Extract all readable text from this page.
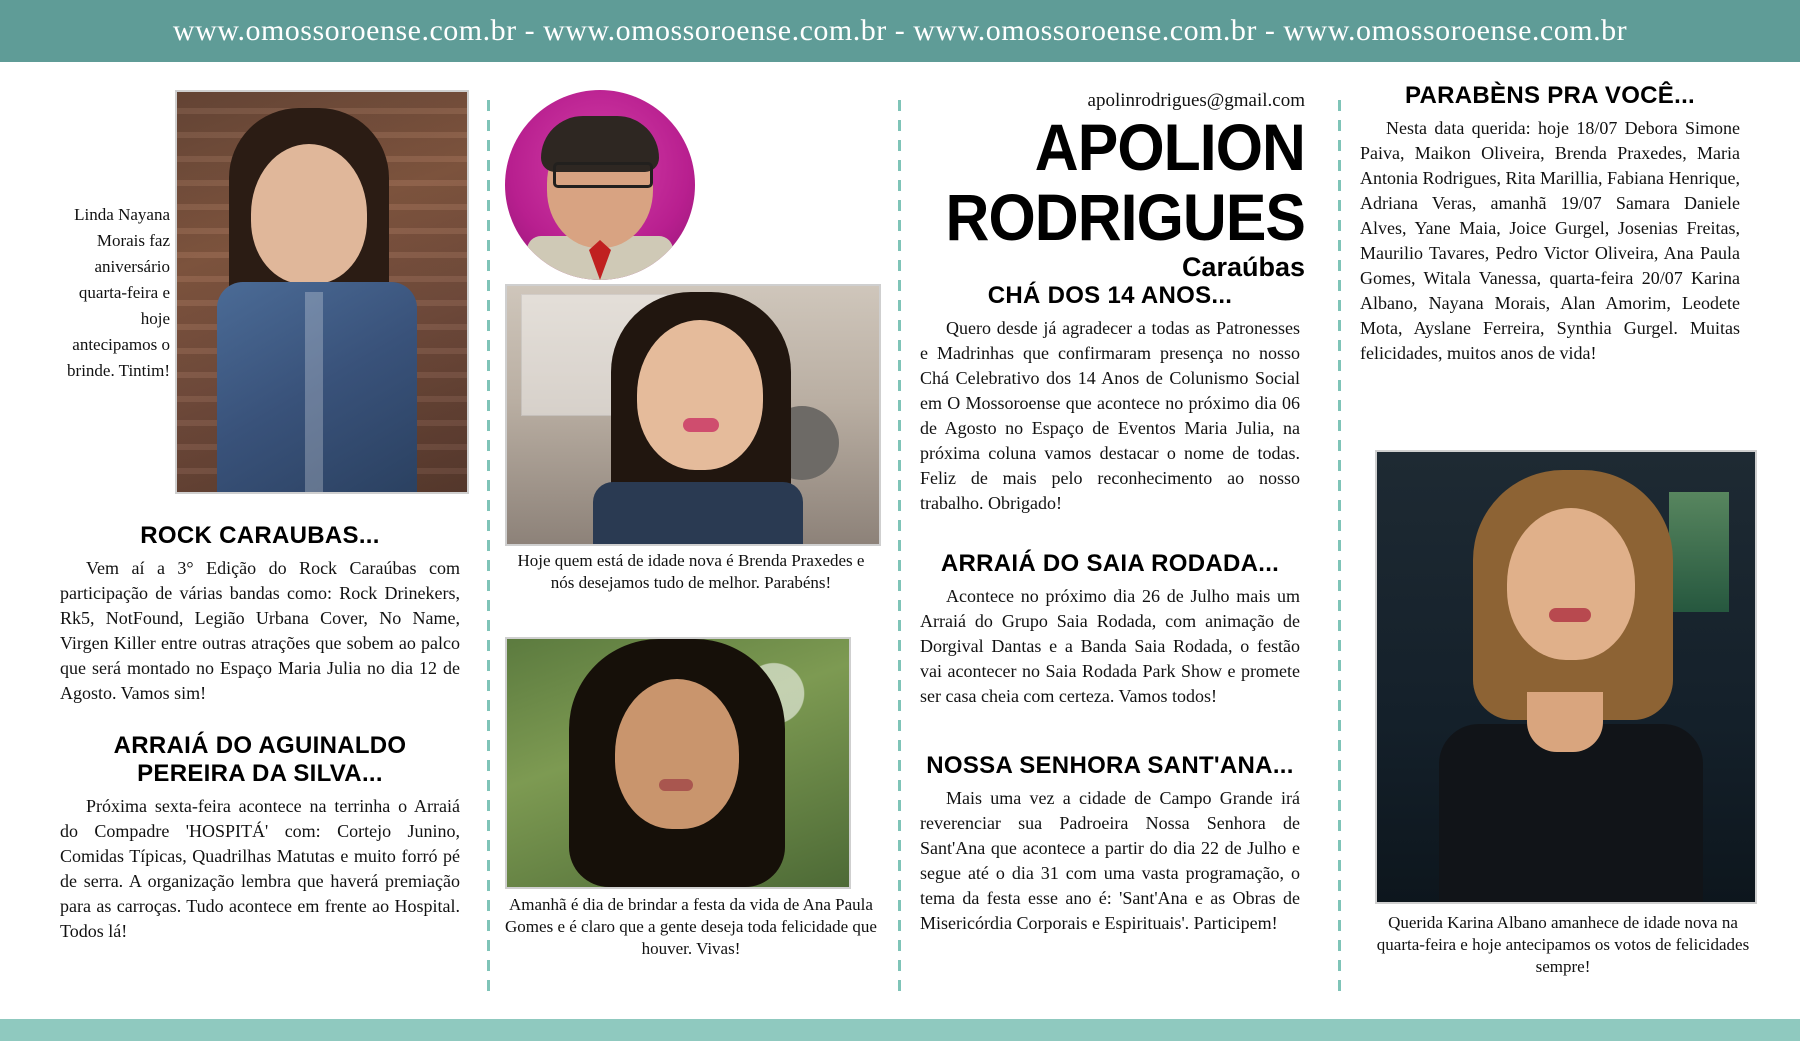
www.omossoroense.com.br - www.omossoroense.com.br - www.omossoroense.com.br - www.omossoroense.com.br
Linda Nayana Morais faz aniversário quarta-feira e hoje antecipamos o brinde. Tintim!
ROCK CARAUBAS...

Vem aí a 3° Edição do Rock Caraúbas com participação de várias bandas como: Rock Drinekers, Rk5, NotFound, Legião Urbana Cover, No Name, Virgen Killer entre outras atrações que sobem ao palco que será montado no Espaço Maria Julia no dia 12 de Agosto. Vamos sim!

ARRAIÁ DO AGUINALDO PEREIRA DA SILVA...

Próxima sexta-feira acontece na terrinha o Arraiá do Compadre 'HOSPITÁ' com: Cortejo Junino, Comidas Típicas, Quadrilhas Matutas e muito forró pé de serra. A organização lembra que haverá premiação para as carroças. Tudo acontece em frente ao Hospital. Todos lá!

apolinrodrigues@gmail.com
APOLION RODRIGUES
Caraúbas
Hoje quem está de idade nova é Brenda Praxedes e nós desejamos tudo de melhor. Parabéns!
Amanhã é dia de brindar a festa da vida de Ana Paula Gomes e é claro que a gente deseja toda felicidade que houver. Vivas!
CHÁ DOS 14 ANOS...

Quero desde já agradecer a todas as Patronesses e Madrinhas que confirmaram presença no nosso Chá Celebrativo dos 14 Anos de Colunismo Social em O Mossoroense que acontece no próximo dia 06 de Agosto no Espaço de Eventos Maria Julia, na próxima coluna vamos destacar o nome de todas. Feliz de mais pelo reconhecimento ao nosso trabalho. Obrigado!

ARRAIÁ DO SAIA RODADA...

Acontece no próximo dia 26 de Julho mais um Arraiá do Grupo Saia Rodada, com animação de Dorgival Dantas e a Banda Saia Rodada, o festão vai acontecer no Saia Rodada Park Show e promete ser casa cheia com certeza. Vamos todos!

NOSSA SENHORA SANT'ANA...

Mais uma vez a cidade de Campo Grande irá reverenciar sua Padroeira Nossa Senhora de Sant'Ana que acontece a partir do dia 22 de Julho e segue até o dia 31 com uma vasta programação, o tema da festa esse ano é: 'Sant'Ana e as Obras de Misericórdia Corporais e Espirituais'. Participem!

PARABÈNS PRA VOCÊ...

Nesta data querida: hoje 18/07 Debora Simone Paiva, Maikon Oliveira, Brenda Praxedes, Maria Antonia Rodrigues, Rita Marillia, Fabiana Henrique, Adriana Veras, amanhã 19/07 Samara Daniele Alves, Yane Maia, Joice Gurgel, Josenias Freitas, Maurilio Tavares, Pedro Victor Oliveira, Ana Paula Gomes, Witala Vanessa, quarta-feira 20/07 Karina Albano, Nayana Morais, Alan Amorim, Leodete Mota, Ayslane Ferreira, Synthia Gurgel. Muitas felicidades, muitos anos de vida!

Querida Karina Albano amanhece de idade nova na quarta-feira e hoje antecipamos os votos de felicidades sempre!
